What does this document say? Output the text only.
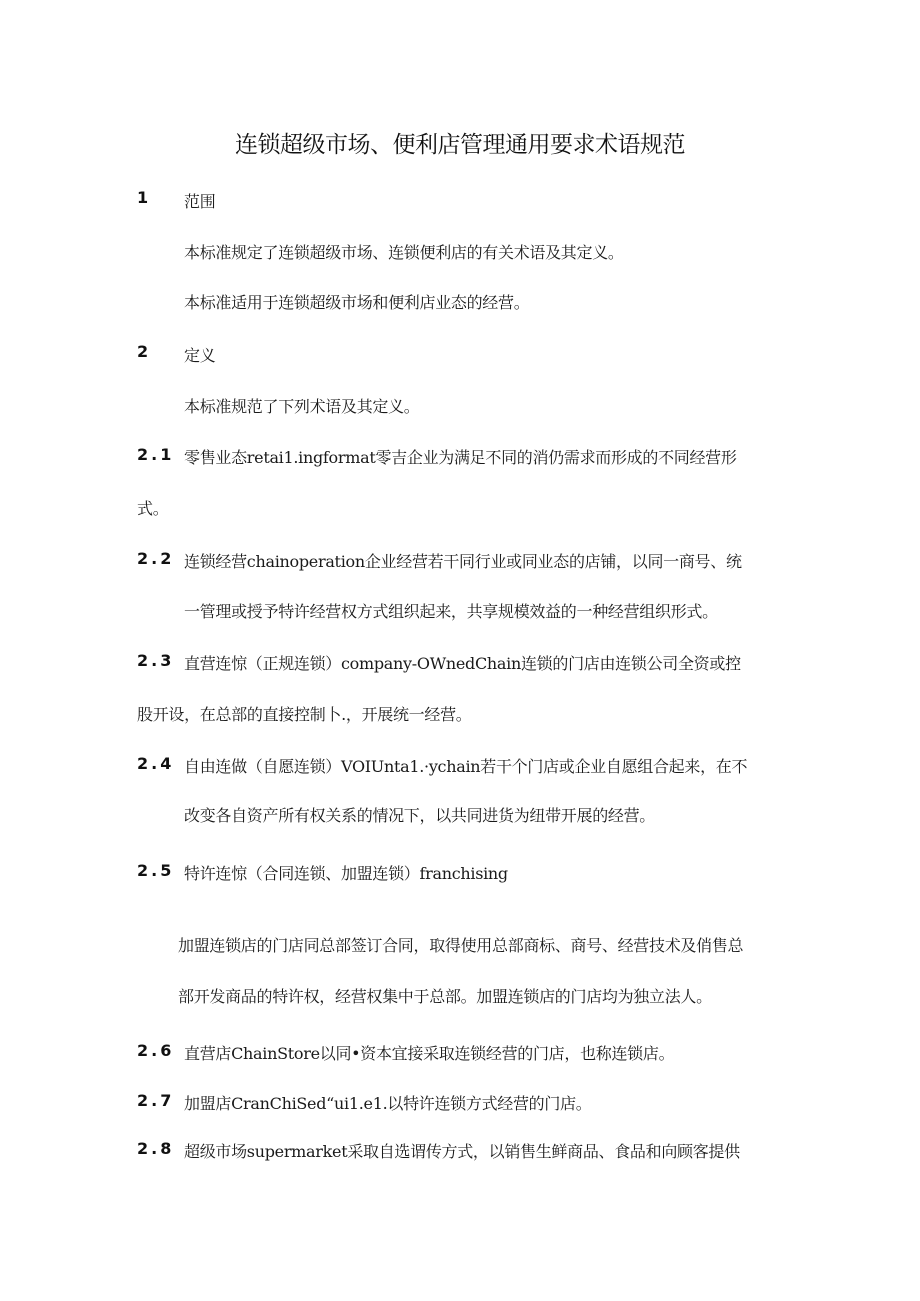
连锁超级市场、便利店管理通用要求术语规范
1 范围
本标准规定了连锁超级市场、连锁便利店的有关术语及其定义。
本标准适用于连锁超级市场和便利店业态的经营。
2 定义
本标准规范了下列术语及其定义。
2.1 零售业态retai1.ingformat零吉企业为满足不同的消仍需求而形成的不同经营形
式。
2.2 连锁经营chainoperation企业经营若干同行业或同业态的店铺，以同一商号、统
一管理或授予特许经营权方式组织起来，共享规模效益的一种经营组织形式。
2.3 直营连惊（正规连锁）company-OWnedChain连锁的门店由连锁公司全资或控
股开设，在总部的直接控制卜.，开展统一经营。
2.4 自由连做（自愿连锁）VOIUnta1.·ychain若干个门店或企业自愿组合起来，在不
改变各自资产所有权关系的情况下，以共同进货为纽带开展的经营。
2.5 特许连惊（合同连锁、加盟连锁）franchising
加盟连锁店的门店同总部签订合同，取得使用总部商标、商号、经营技术及俏售总
部开发商品的特许权，经营权集中于总部。加盟连锁店的门店均为独立法人。
2.6 直营店ChainStore以同•资本宜接采取连锁经营的门店，也称连锁店。
2.7 加盟店CranChiSed“ui1.e1.以特许连锁方式经营的门店。
2.8 超级市场supermarket采取自选谓传方式，以销售生鲜商品、食品和向顾客提供
